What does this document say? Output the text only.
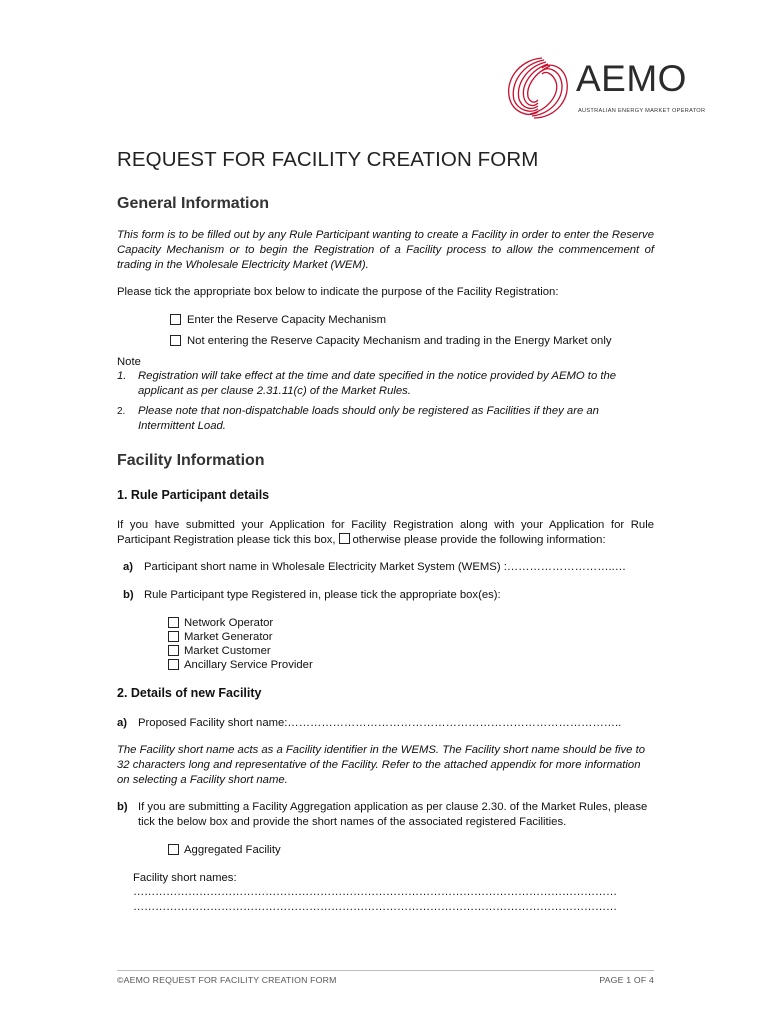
AEMO
AUSTRALIAN ENERGY MARKET OPERATOR
REQUEST FOR FACILITY CREATION FORM
General Information
This form is to be filled out by any Rule Participant wanting to create a Facility in order to enter the Reserve Capacity Mechanism or to begin the Registration of a Facility process to allow the commencement of trading in the Wholesale Electricity Market (WEM).
Please tick the appropriate box below to indicate the purpose of the Facility Registration:
Enter the Reserve Capacity Mechanism
Not entering the Reserve Capacity Mechanism and trading in the Energy Market only
Note
1. Registration will take effect at the time and date specified in the notice provided by AEMO to the applicant as per clause 2.31.11(c) of the Market Rules.
2. Please note that non-dispatchable loads should only be registered as Facilities if they are an Intermittent Load.
Facility Information
1. Rule Participant details
If you have submitted your Application for Facility Registration along with your Application for Rule Participant Registration please tick this box, otherwise please provide the following information:
a) Participant short name in Wholesale Electricity Market System (WEMS) :………………………..…
b) Rule Participant type Registered in, please tick the appropriate box(es):
Network Operator
Market Generator
Market Customer
Ancillary Service Provider
2. Details of new Facility
a) Proposed Facility short name:……………………………………………………………………………..
The Facility short name acts as a Facility identifier in the WEMS. The Facility short name should be five to 32 characters long and representative of the Facility. Refer to the attached appendix for more information on selecting a Facility short name.
b) If you are submitting a Facility Aggregation application as per clause 2.30. of the Market Rules, please tick the below box and provide the short names of the associated registered Facilities.
Aggregated Facility
Facility short names:
……………………………………………………………………………………………………………………
……………………………………………………………………………………………………………………
©AEMO REQUEST FOR FACILITY CREATION FORM	PAGE 1 OF 4
